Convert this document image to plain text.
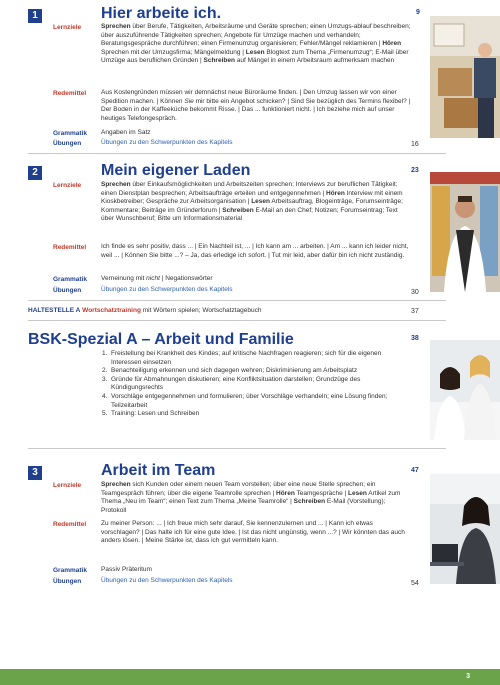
1	Hier arbeite ich.	9
Lernziele	Sprechen über Berufe, Tätigkeiten, Arbeitsräume und Geräte sprechen; einen Umzugs-ablauf beschreiben; über auszuführende Tätigkeiten sprechen; Angebote für Umzüge machen und verhandeln; Beratungsgespräche durchführen; einen Firmenumzug organisieren; Fehler/Mängel reklamieren | Hören Sprechen mit der Umzugsfirma; Mängelmeldung | Lesen Blogtext zum Thema „Firmenumzug“; E-Mail über Umzüge aus beruflichen Gründen | Schreiben auf Mängel in einem Arbeitsraum aufmerksam machen
Redemittel Aus Kostengründen müssen wir demnächst neue Büroräume finden. | Den Umzug lassen wir von einer Spedition machen. | Können Sie mir bitte ein Angebot schicken? | Sind Sie bezüglich des Termins flexibel? | Der Boden in der Kaffeeküche bekommt Risse. | Das ... funktioniert nicht. | Ich beziehe mich auf unser heutiges Telefongespräch.
Grammatik Angaben im Satz
Übungen	Übungen zu den Schwerpunkten des Kapitels	16
2	Mein eigener Laden	23
Lernziele	Sprechen über Einkaufsmöglichkeiten und Arbeitszeiten sprechen; Interviews zur beruflichen Tätigkeit; einen Dienstplan besprechen; Arbeitsaufträge erteilen und entgegennehmen | Hören Interview mit einem Kioskbetreiber; Gespräche zur Arbeitsorganisation | Lesen Arbeitsauftrag, Blogeinträge, Forumseinträge; Kommentare; Beiträge im Gründerforum | Schreiben E-Mail an den Chef; Notizen; Forumseintrag; Text über Wunschberuf; Bitte um Informationsmaterial
Redemittel Ich finde es sehr positiv, dass ... | Ein Nachteil ist, ... | Ich kann am ... arbeiten. | Am ... kann ich leider nicht, weil ... | Können Sie bitte ...? – Ja, das erledige ich sofort. | Tut mir leid, aber dafür bin ich nicht zuständig.
Grammatik Verneinung mit nicht | Negationswörter
Übungen	Übungen zu den Schwerpunkten des Kapitels	30
HALTESTELLE A Wortschatztraining mit Wörtern spielen; Wortschatztagebuch	37
BSK-Spezial A – Arbeit und Familie	38
1. Freistellung bei Krankheit des Kindes; auf kritische Nachfragen reagieren; sich für die eigenen Interessen einsetzen
2. Benachteiligung erkennen und sich dagegen wehren; Diskriminierung am Arbeitsplatz
3. Gründe für Abmahnungen diskutieren; eine Konfliktsituation darstellen; Grundzüge des Kündigungsrechts
4. Vorschläge entgegennehmen und formulieren; über Vorschläge verhandeln; eine Lösung finden; Teilzeitarbeit
5. Training: Lesen und Schreiben
3	Arbeit im Team	47
Lernziele	Sprechen sich Kunden oder einem neuen Team vorstellen; über eine neue Stelle sprechen; ein Teamgespräch führen; über die eigene Teamrolle sprechen | Hören Teamgespräche | Lesen Artikel zum Thema „Neu im Team“; einen Text zum Thema „Meine Teamrolle“ | Schreiben E-Mail (Vorstellung); Protokoll
Redemittel Zu meiner Person: ... | Ich freue mich sehr darauf, Sie kennenzulernen und ... | Kann ich etwas vorschlagen? | Das halte ich für eine gute Idee. | Ist das nicht ungünstig, wenn ...? | Wir könnten das auch anders lösen. | Meine Stärke ist, dass ich gut vermitteln kann.
Grammatik Passiv Präteritum
Übungen	Übungen zu den Schwerpunkten des Kapitels	54
3
